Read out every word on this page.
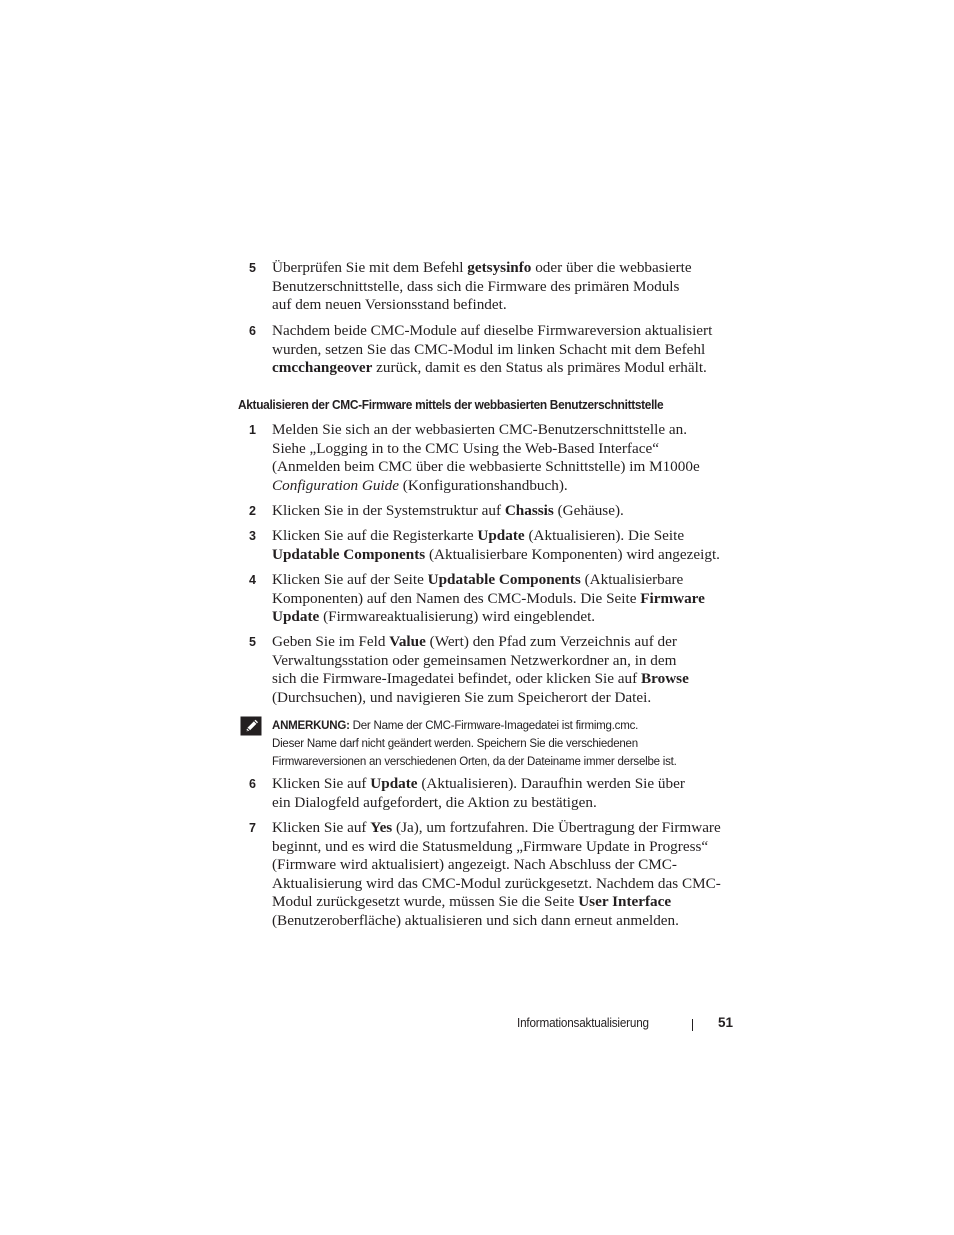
5 Überprüfen Sie mit dem Befehl getsysinfo oder über die webbasierte
Benutzerschnittstelle, dass sich die Firmware des primären Moduls
auf dem neuen Versionsstand befindet.
6 Nachdem beide CMC-Module auf dieselbe Firmwareversion aktualisiert
wurden, setzen Sie das CMC-Modul im linken Schacht mit dem Befehl
cmcchangeover zurück, damit es den Status als primäres Modul erhält.
Aktualisieren der CMC-Firmware mittels der webbasierten Benutzerschnittstelle
1 Melden Sie sich an der webbasierten CMC-Benutzerschnittstelle an.
Siehe „Logging in to the CMC Using the Web-Based Interface“
(Anmelden beim CMC über die webbasierte Schnittstelle) im M1000e
Configuration Guide (Konfigurationshandbuch).
2 Klicken Sie in der Systemstruktur auf Chassis (Gehäuse).
3 Klicken Sie auf die Registerkarte Update (Aktualisieren). Die Seite
Updatable Components (Aktualisierbare Komponenten) wird angezeigt.
4 Klicken Sie auf der Seite Updatable Components (Aktualisierbare
Komponenten) auf den Namen des CMC-Moduls. Die Seite Firmware
Update (Firmwareaktualisierung) wird eingeblendet.
5 Geben Sie im Feld Value (Wert) den Pfad zum Verzeichnis auf der
Verwaltungsstation oder gemeinsamen Netzwerkordner an, in dem
sich die Firmware-Imagedatei befindet, oder klicken Sie auf Browse
(Durchsuchen), und navigieren Sie zum Speicherort der Datei.
ANMERKUNG: Der Name der CMC-Firmware-Imagedatei ist firmimg.cmc.
Dieser Name darf nicht geändert werden. Speichern Sie die verschiedenen
Firmwareversionen an verschiedenen Orten, da der Dateiname immer derselbe ist.
6 Klicken Sie auf Update (Aktualisieren). Daraufhin werden Sie über
ein Dialogfeld aufgefordert, die Aktion zu bestätigen.
7 Klicken Sie auf Yes (Ja), um fortzufahren. Die Übertragung der Firmware
beginnt, und es wird die Statusmeldung „Firmware Update in Progress“
(Firmware wird aktualisiert) angezeigt. Nach Abschluss der CMC-
Aktualisierung wird das CMC-Modul zurückgesetzt. Nachdem das CMC-
Modul zurückgesetzt wurde, müssen Sie die Seite User Interface
(Benutzeroberfläche) aktualisieren und sich dann erneut anmelden.
Informationsaktualisierung	51
